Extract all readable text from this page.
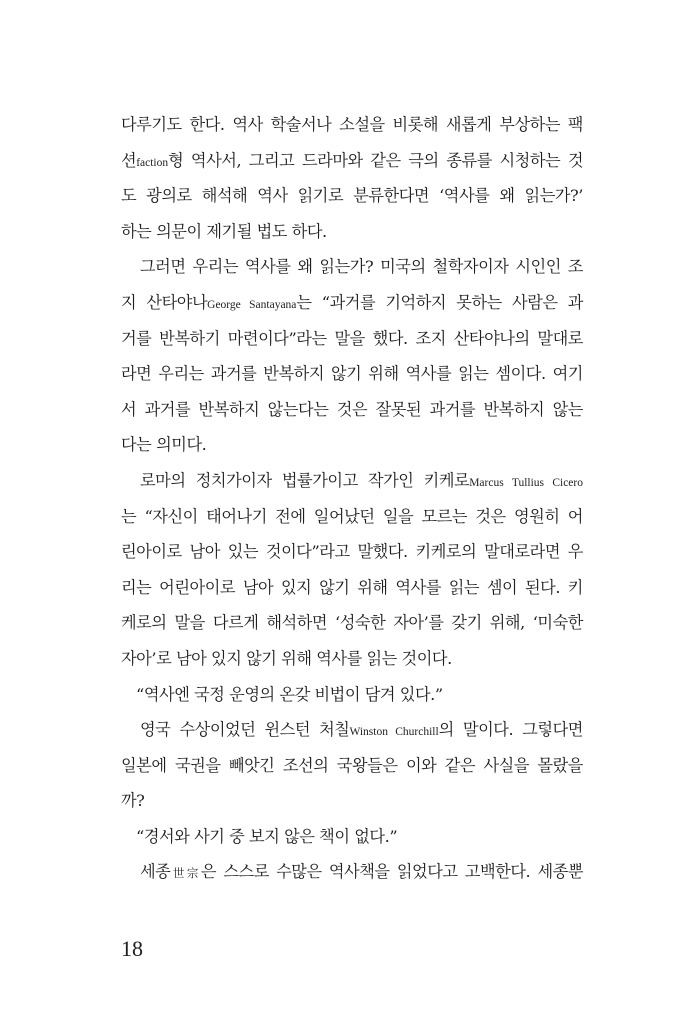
다루기도 한다. 역사 학술서나 소설을 비롯해 새롭게 부상하는 팩
션faction형 역사서, 그리고 드라마와 같은 극의 종류를 시청하는 것
도 광의로 해석해 역사 읽기로 분류한다면 ‘역사를 왜 읽는가?’
하는 의문이 제기될 법도 하다.
그러면 우리는 역사를 왜 읽는가? 미국의 철학자이자 시인인 조
지 산타야나George Santayana는 “과거를 기억하지 못하는 사람은 과
거를 반복하기 마련이다”라는 말을 했다. 조지 산타야나의 말대로
라면 우리는 과거를 반복하지 않기 위해 역사를 읽는 셈이다. 여기
서 과거를 반복하지 않는다는 것은 잘못된 과거를 반복하지 않는
다는 의미다.
로마의 정치가이자 법률가이고 작가인 키케로Marcus Tullius Cicero
는 “자신이 태어나기 전에 일어났던 일을 모르는 것은 영원히 어
린아이로 남아 있는 것이다”라고 말했다. 키케로의 말대로라면 우
리는 어린아이로 남아 있지 않기 위해 역사를 읽는 셈이 된다. 키
케로의 말을 다르게 해석하면 ‘성숙한 자아’를 갖기 위해, ‘미숙한
자아’로 남아 있지 않기 위해 역사를 읽는 것이다.
“역사엔 국정 운영의 온갖 비법이 담겨 있다.”
영국 수상이었던 윈스턴 처칠Winston Churchill의 말이다. 그렇다면
일본에 국권을 빼앗긴 조선의 국왕들은 이와 같은 사실을 몰랐을
까?
“경서와 사기 중 보지 않은 책이 없다.”
세종世宗은 스스로 수많은 역사책을 읽었다고 고백한다. 세종뿐
18
